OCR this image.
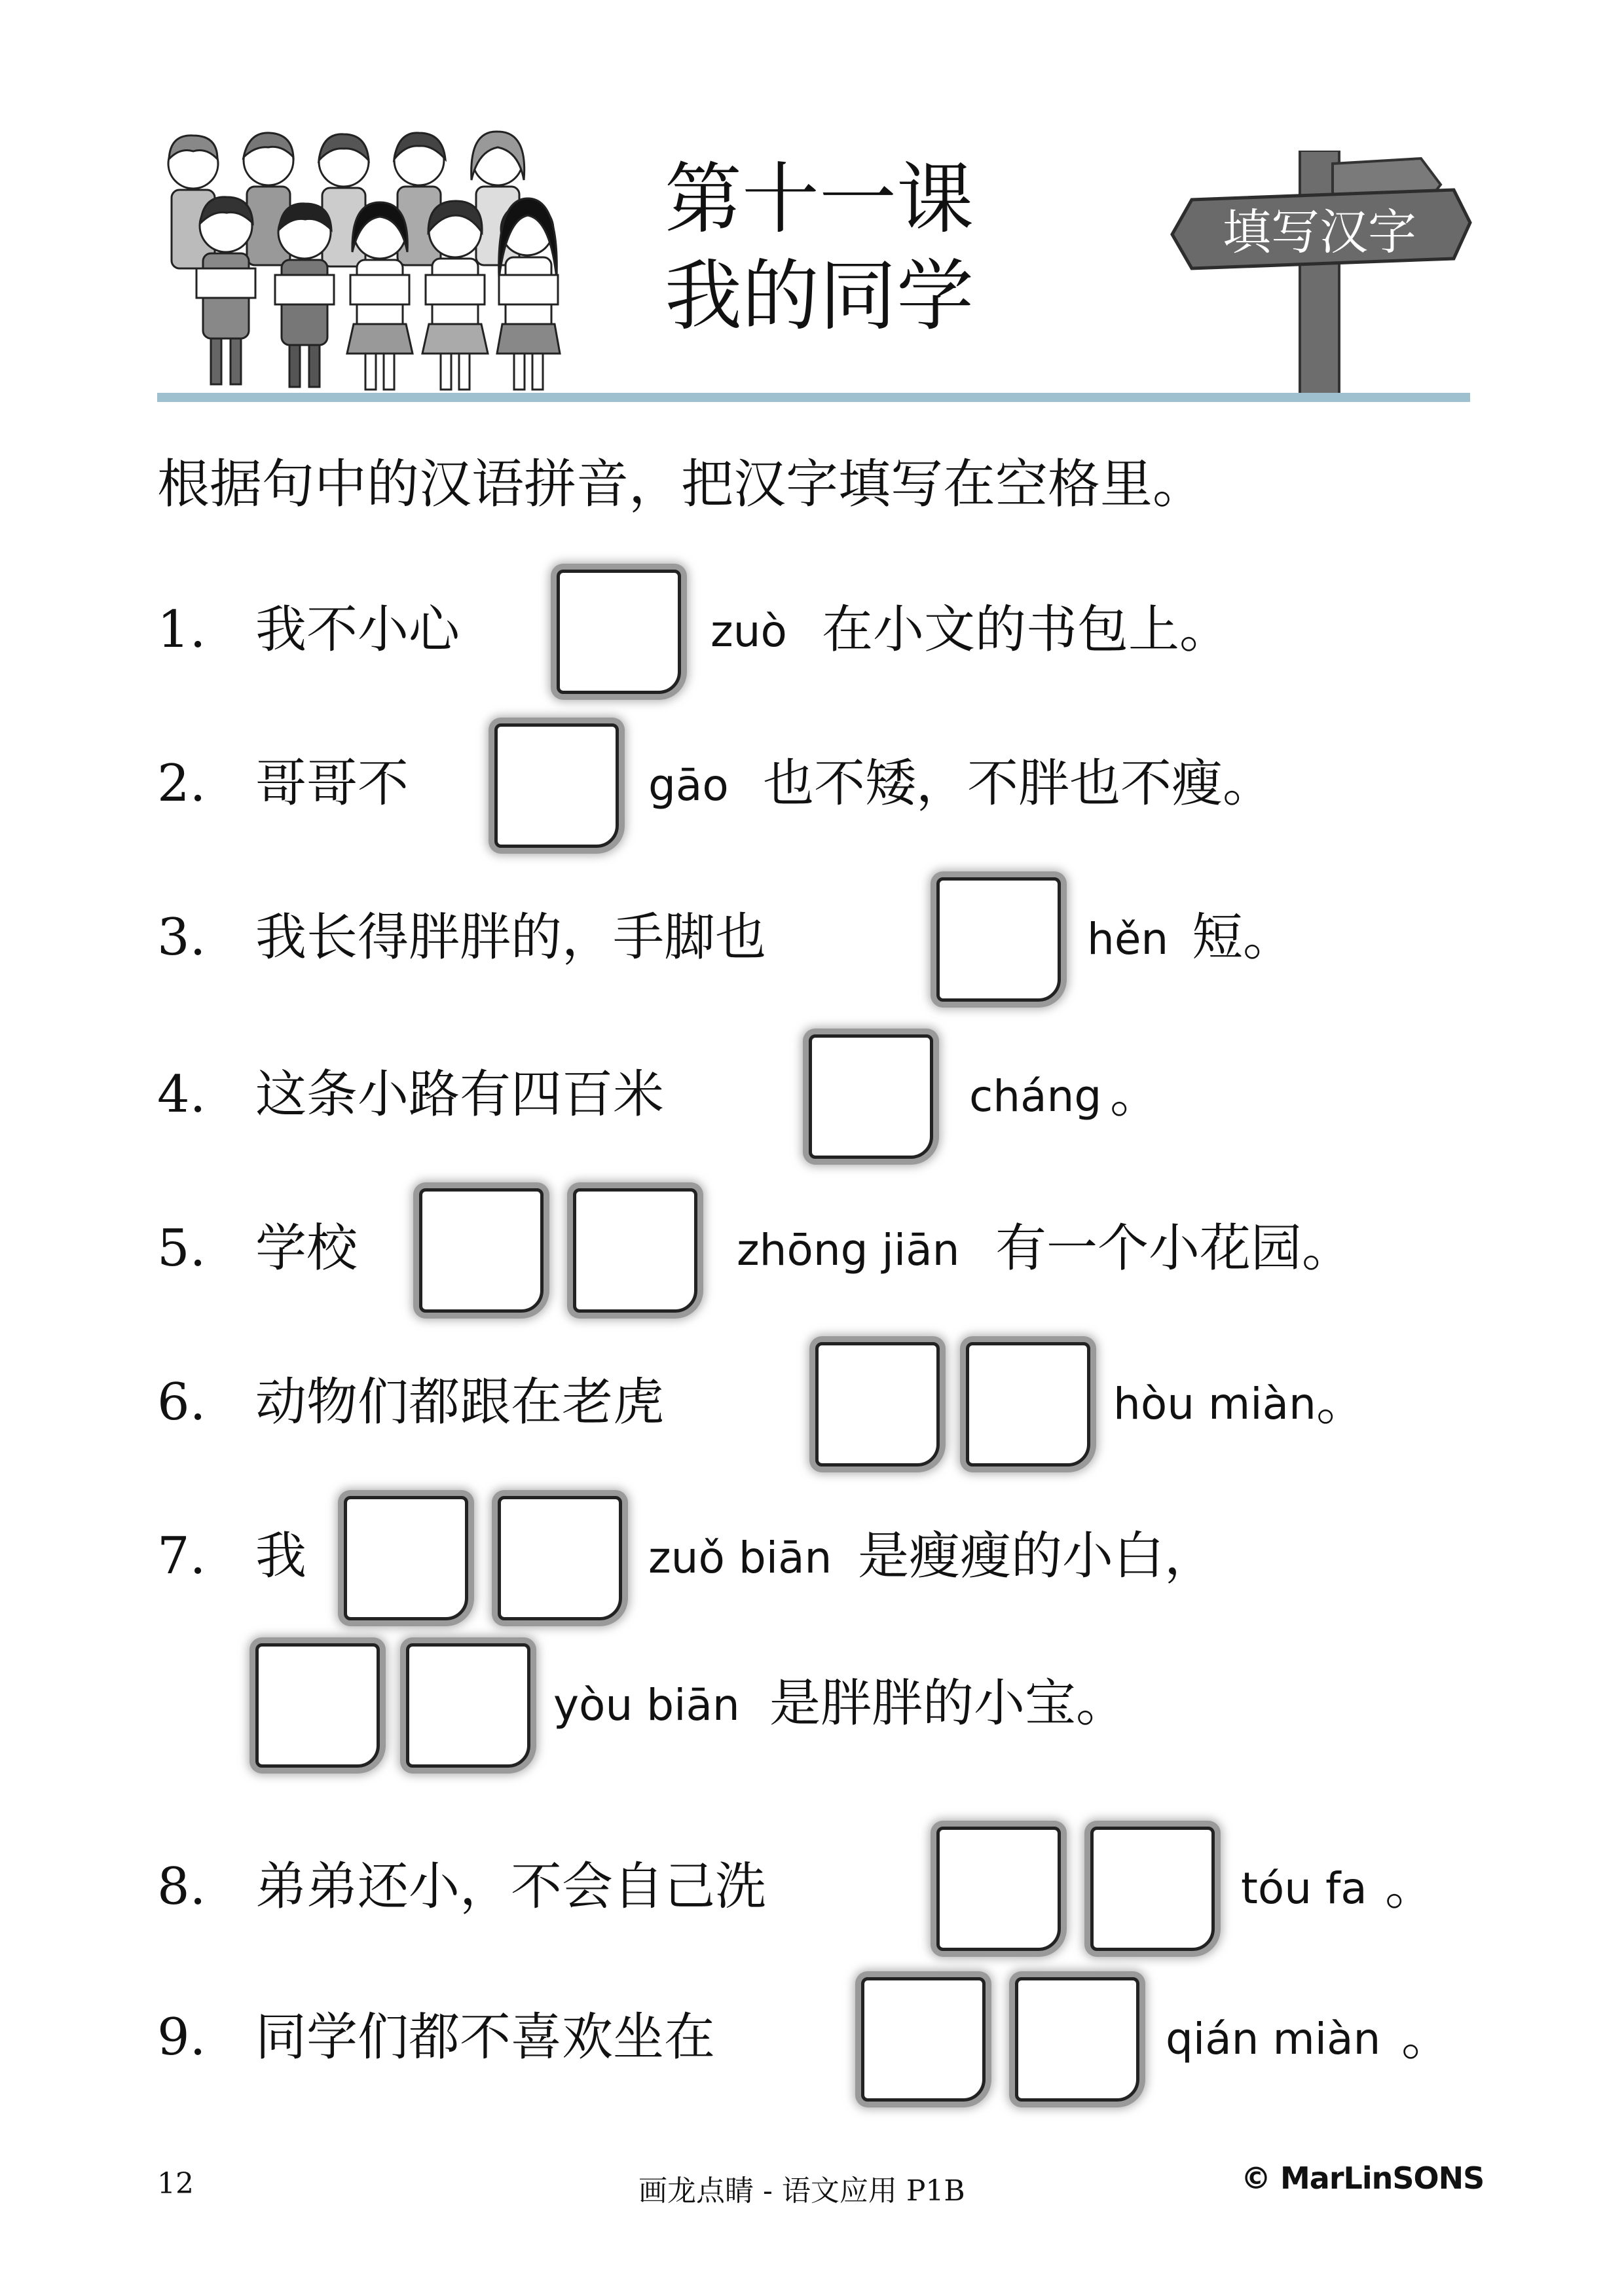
第十一课
我的同学
填写汉字
根据句中的汉语拼音，把汉字填写在空格里。
1. 我不小心	zuò 在小文的书包上。
2. 哥哥不	gāo 也不矮，不胖也不瘦。
3. 我长得胖胖的，手脚也	hěn 短。
4. 这条小路有四百米	cháng 。
5. 学校	zhōng jiān 有一个小花园。
6. 动物们都跟在老虎	hòu miàn 。
7. 我	zuǒ biān 是瘦瘦的小白，
yòu biān 是胖胖的小宝。
8. 弟弟还小，不会自己洗	tóu fa 。
9. 同学们都不喜欢坐在	qián miàn 。
12	画龙点睛 - 语文应用 P1B	© MarLinSONS
